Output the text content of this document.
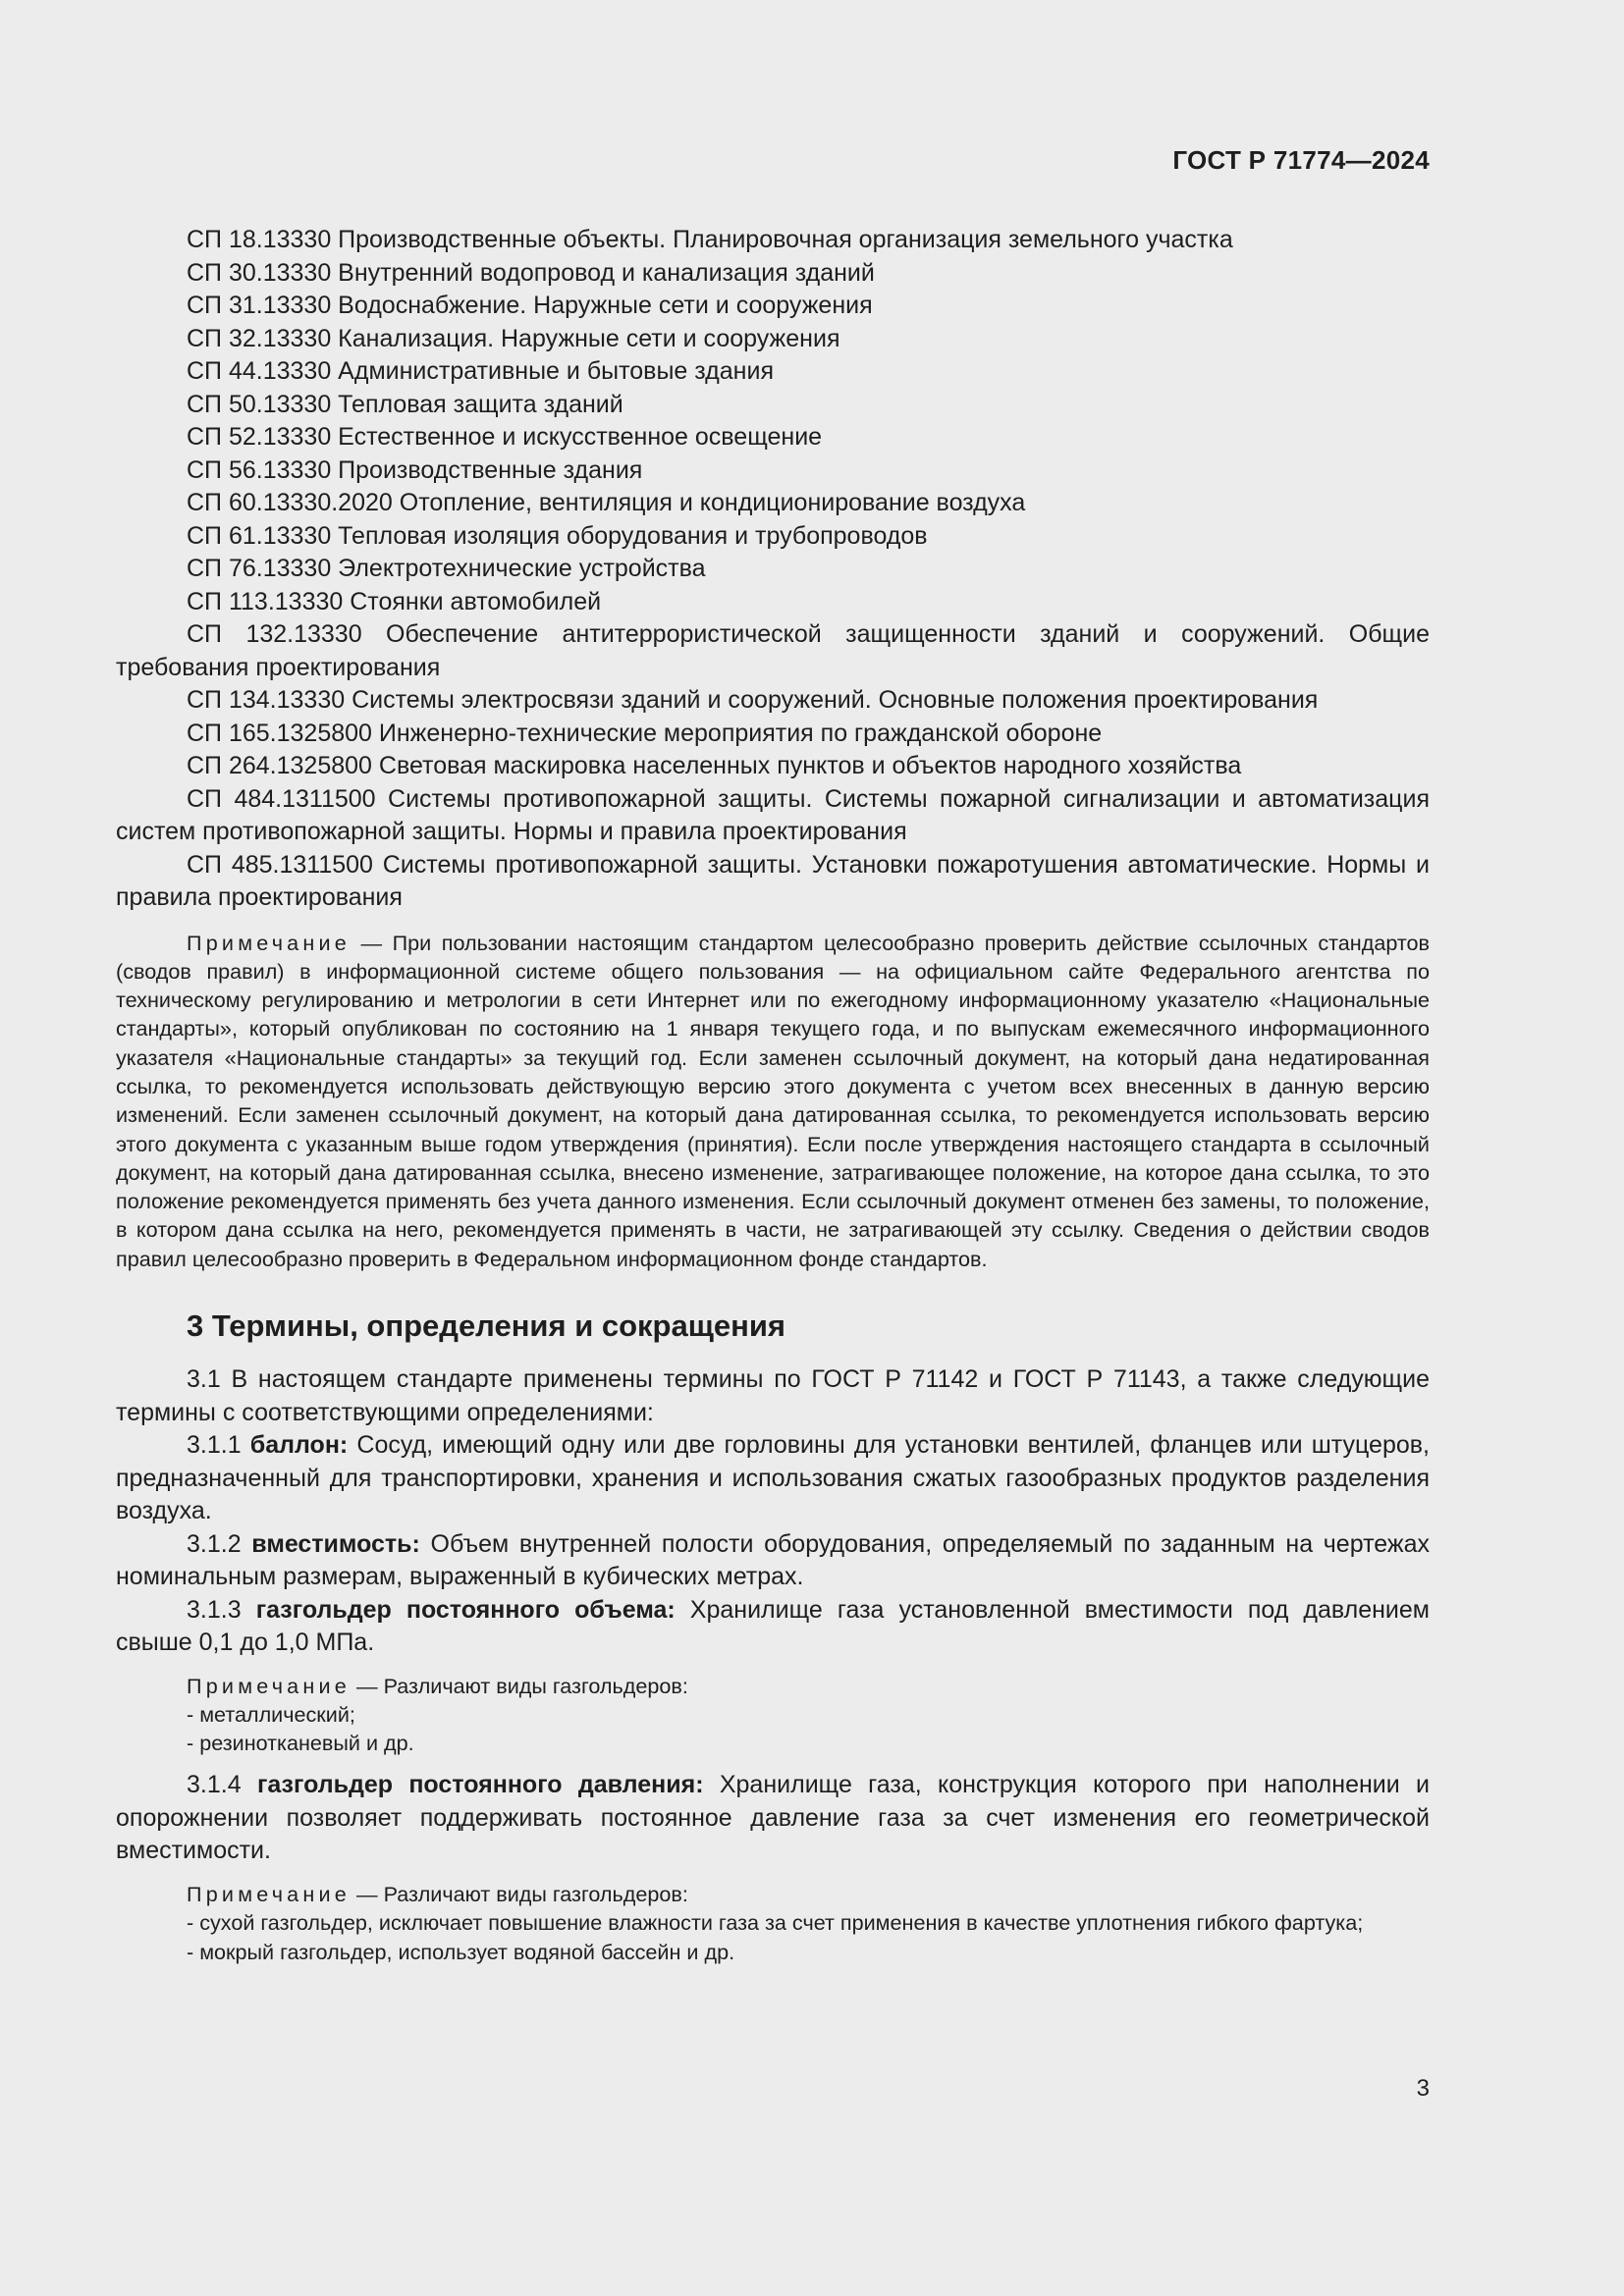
ГОСТ Р 71774—2024
СП 18.13330 Производственные объекты. Планировочная организация земельного участка
СП 30.13330 Внутренний водопровод и канализация зданий
СП 31.13330 Водоснабжение. Наружные сети и сооружения
СП 32.13330 Канализация. Наружные сети и сооружения
СП 44.13330 Административные и бытовые здания
СП 50.13330 Тепловая защита зданий
СП 52.13330 Естественное и искусственное освещение
СП 56.13330 Производственные здания
СП 60.13330.2020 Отопление, вентиляция и кондиционирование воздуха
СП 61.13330 Тепловая изоляция оборудования и трубопроводов
СП 76.13330 Электротехнические устройства
СП 113.13330 Стоянки автомобилей
СП 132.13330 Обеспечение антитеррористической защищенности зданий и сооружений. Общие требования проектирования
СП 134.13330 Системы электросвязи зданий и сооружений. Основные положения проектирования
СП 165.1325800 Инженерно-технические мероприятия по гражданской обороне
СП 264.1325800 Световая маскировка населенных пунктов и объектов народного хозяйства
СП 484.1311500 Системы противопожарной защиты. Системы пожарной сигнализации и автоматизация систем противопожарной защиты. Нормы и правила проектирования
СП 485.1311500 Системы противопожарной защиты. Установки пожаротушения автоматические. Нормы и правила проектирования
Примечание — При пользовании настоящим стандартом целесообразно проверить действие ссылочных стандартов (сводов правил) в информационной системе общего пользования — на официальном сайте Федерального агентства по техническому регулированию и метрологии в сети Интернет или по ежегодному информационному указателю «Национальные стандарты», который опубликован по состоянию на 1 января текущего года, и по выпускам ежемесячного информационного указателя «Национальные стандарты» за текущий год. Если заменен ссылочный документ, на который дана недатированная ссылка, то рекомендуется использовать действующую версию этого документа с учетом всех внесенных в данную версию изменений. Если заменен ссылочный документ, на который дана датированная ссылка, то рекомендуется использовать версию этого документа с указанным выше годом утверждения (принятия). Если после утверждения настоящего стандарта в ссылочный документ, на который дана датированная ссылка, внесено изменение, затрагивающее положение, на которое дана ссылка, то это положение рекомендуется применять без учета данного изменения. Если ссылочный документ отменен без замены, то положение, в котором дана ссылка на него, рекомендуется применять в части, не затрагивающей эту ссылку. Сведения о действии сводов правил целесообразно проверить в Федеральном информационном фонде стандартов.
3 Термины, определения и сокращения
3.1 В настоящем стандарте применены термины по ГОСТ Р 71142 и ГОСТ Р 71143, а также следующие термины с соответствующими определениями:
3.1.1 баллон: Сосуд, имеющий одну или две горловины для установки вентилей, фланцев или штуцеров, предназначенный для транспортировки, хранения и использования сжатых газообразных продуктов разделения воздуха.
3.1.2 вместимость: Объем внутренней полости оборудования, определяемый по заданным на чертежах номинальным размерам, выраженный в кубических метрах.
3.1.3 газгольдер постоянного объема: Хранилище газа установленной вместимости под давлением свыше 0,1 до 1,0 МПа.
Примечание — Различают виды газгольдеров:
- металлический;
- резинотканевый и др.
3.1.4 газгольдер постоянного давления: Хранилище газа, конструкция которого при наполнении и опорожнении позволяет поддерживать постоянное давление газа за счет изменения его геометрической вместимости.
Примечание — Различают виды газгольдеров:
- сухой газгольдер, исключает повышение влажности газа за счет применения в качестве уплотнения гибкого фартука;
- мокрый газгольдер, использует водяной бассейн и др.
3
